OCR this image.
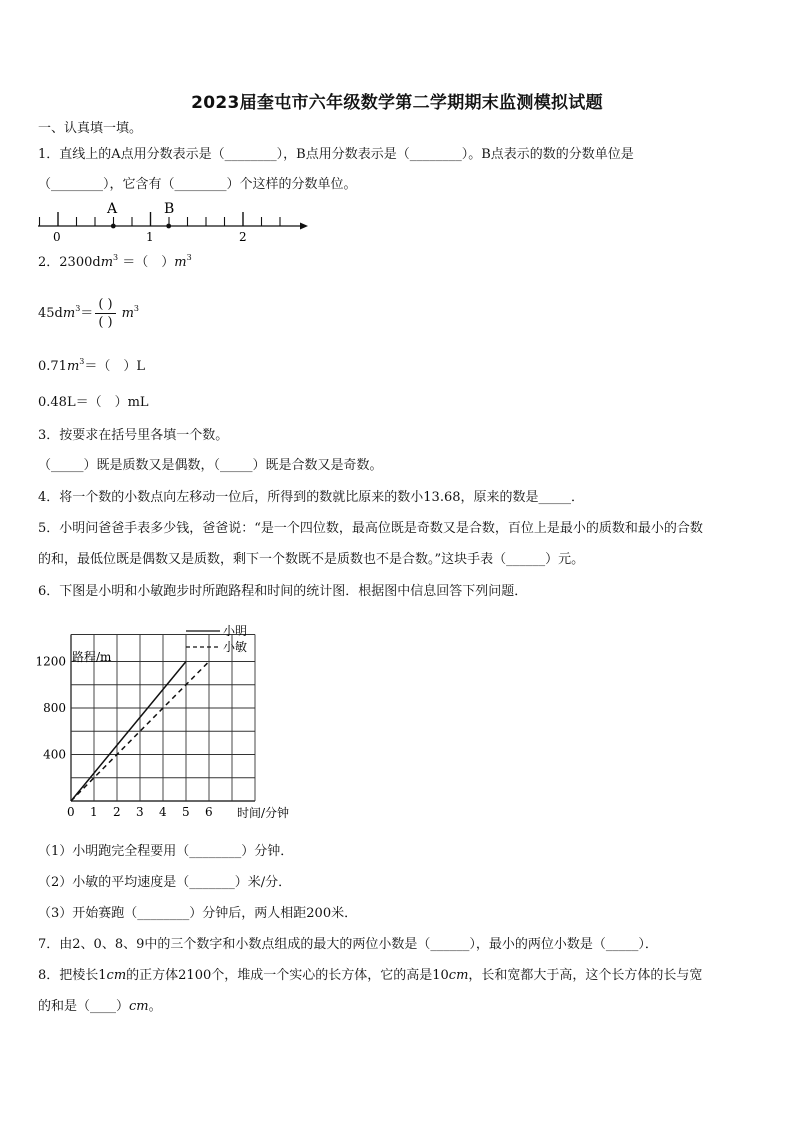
2023届奎屯市六年级数学第二学期期末监测模拟试题
一、认真填一填。
1．直线上的A点用分数表示是（________），B点用分数表示是（________）。B点表示的数的分数单位是
（________），它含有（________）个这样的分数单位。
A	B
0	1	2
2．$2300dm^3$ ＝（　）$m^3$
$45dm^3= \frac{( )}{( )} m^3$
$0.71m^3=$（　）L
0.48L＝（　）mL
3．按要求在括号里各填一个数。
（_____）既是质数又是偶数，（_____）既是合数又是奇数。
4．将一个数的小数点向左移动一位后，所得到的数就比原来的数小13.68，原来的数是_____．
5．小明问爸爸手表多少钱，爸爸说：“是一个四位数，最高位既是奇数又是合数，百位上是最小的质数和最小的合数
的和，最低位既是偶数又是质数，剩下一个数既不是质数也不是合数。”这块手表（______）元。
6．下图是小明和小敏跑步时所跑路程和时间的统计图．根据图中信息回答下列问题．
0 1 2 3 4 5 6
400
800
1200 路程/m
时间/分钟
小明
小敏
（1）小明跑完全程要用（________）分钟．
（2）小敏的平均速度是（_______）米/分．
（3）开始赛跑（________）分钟后，两人相距200米．
7．由2、0、8、9中的三个数字和小数点组成的最大的两位小数是（______），最小的两位小数是（_____）．
8．把棱长1cm的正方体2100个，堆成一个实心的长方体，它的高是10cm，长和宽都大于高，这个长方体的长与宽
的和是（____）cm。
